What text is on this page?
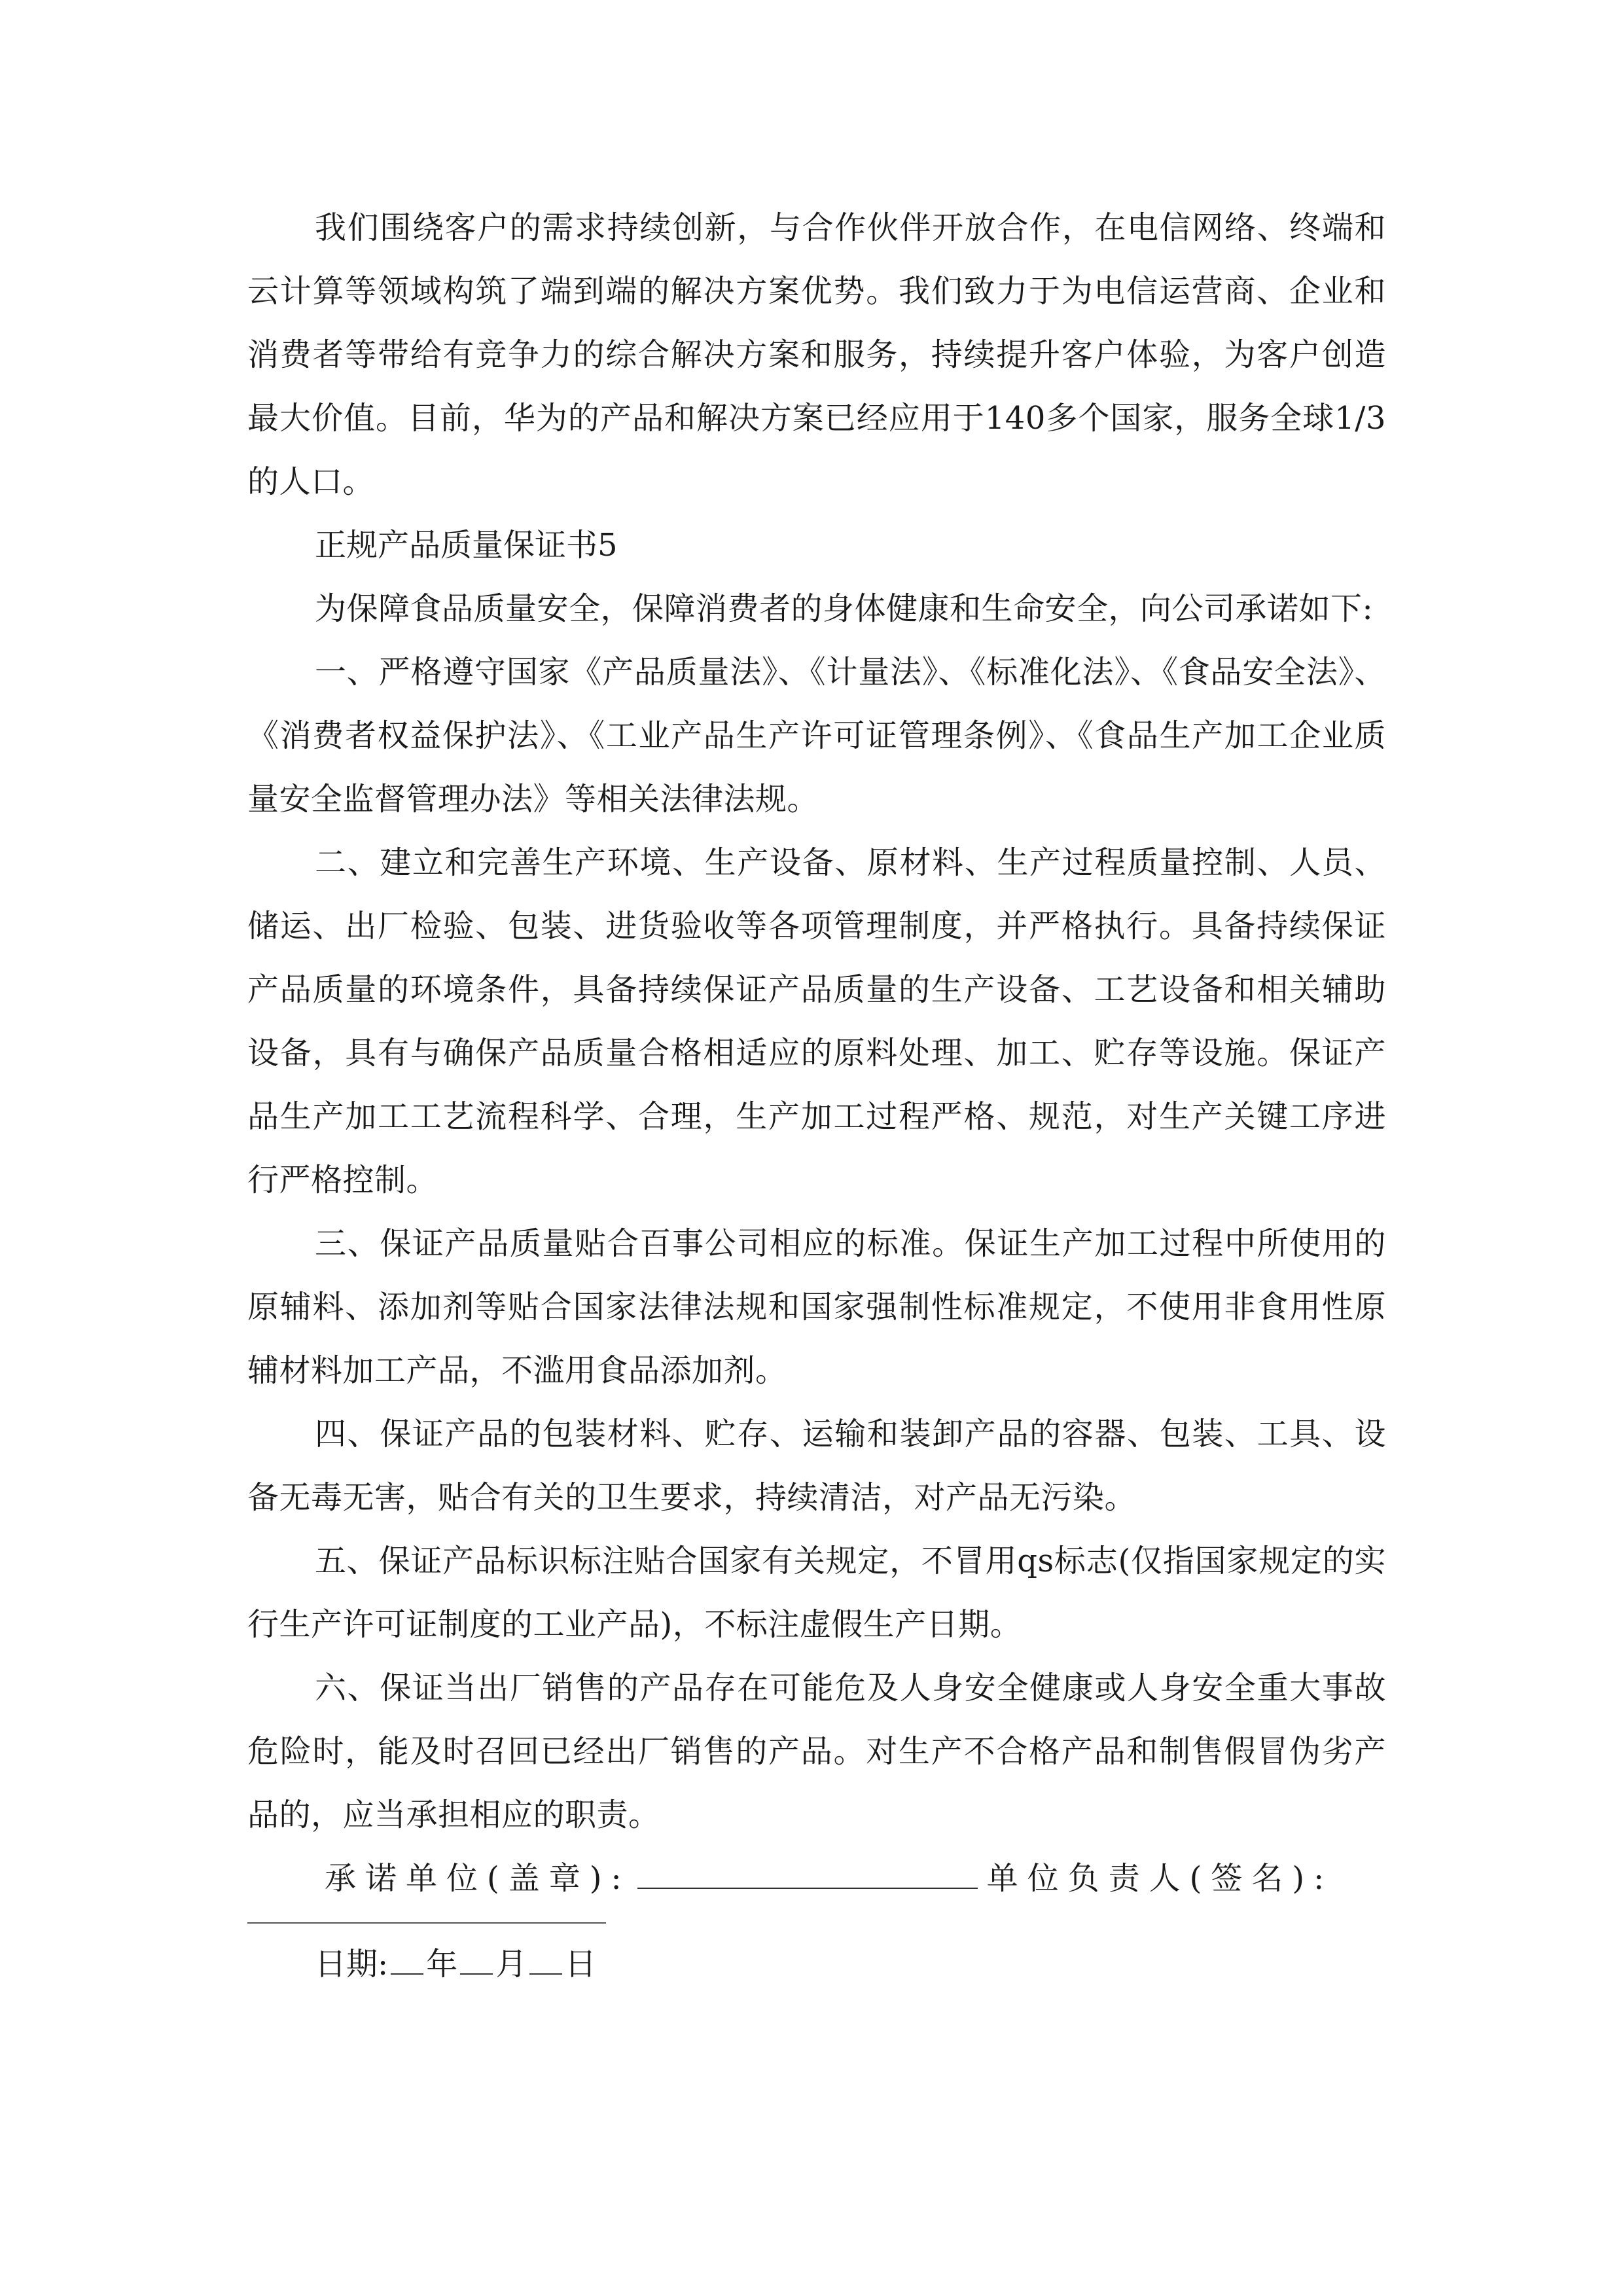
我们围绕客户的需求持续创新，与合作伙伴开放合作，在电信网络、终端和云计算等领域构筑了端到端的解决方案优势。我们致力于为电信运营商、企业和消费者等带给有竞争力的综合解决方案和服务，持续提升客户体验，为客户创造最大价值。目前，华为的产品和解决方案已经应用于140多个国家，服务全球1/3的人口。

正规产品质量保证书5

为保障食品质量安全，保障消费者的身体健康和生命安全，向公司承诺如下:

一、严格遵守国家《产品质量法》、《计量法》、《标准化法》、《食品安全法》、《消费者权益保护法》、《工业产品生产许可证管理条例》、《食品生产加工企业质量安全监督管理办法》等相关法律法规。

二、建立和完善生产环境、生产设备、原材料、生产过程质量控制、人员、储运、出厂检验、包装、进货验收等各项管理制度，并严格执行。具备持续保证产品质量的环境条件，具备持续保证产品质量的生产设备、工艺设备和相关辅助设备，具有与确保产品质量合格相适应的原料处理、加工、贮存等设施。保证产品生产加工工艺流程科学、合理，生产加工过程严格、规范，对生产关键工序进行严格控制。

三、保证产品质量贴合百事公司相应的标准。保证生产加工过程中所使用的原辅料、添加剂等贴合国家法律法规和国家强制性标准规定，不使用非食用性原辅材料加工产品，不滥用食品添加剂。

四、保证产品的包装材料、贮存、运输和装卸产品的容器、包装、工具、设备无毒无害，贴合有关的卫生要求，持续清洁，对产品无污染。

五、保证产品标识标注贴合国家有关规定，不冒用qs标志(仅指国家规定的实行生产许可证制度的工业产品)，不标注虚假生产日期。

六、保证当出厂销售的产品存在可能危及人身安全健康或人身安全重大事故危险时，能及时召回已经出厂销售的产品。对生产不合格产品和制售假冒伪劣产品的，应当承担相应的职责。

承诺单位(盖章):	单位负责人(签名):

日期: 年 月 日
